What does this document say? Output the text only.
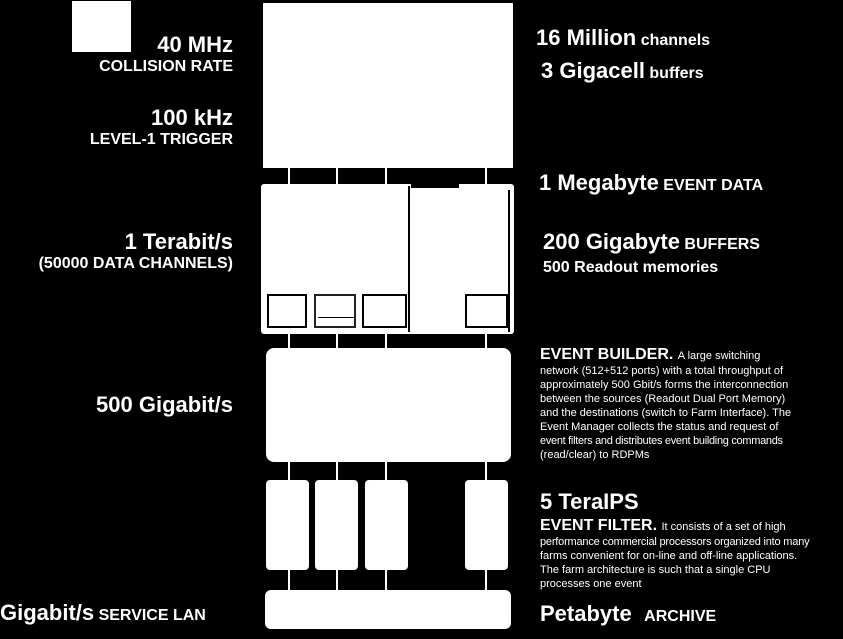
40 MHz
COLLISION RATE
100 kHz
LEVEL-1 TRIGGER
1 Terabit/s
(50000 DATA CHANNELS)
500 Gigabit/s
Gigabit/s SERVICE LAN
16 Million channels
3 Gigacell buffers
1 Megabyte EVENT DATA
200 Gigabyte BUFFERS
500 Readout memories
EVENT BUILDER. A large switching
network (512+512 ports) with a total throughput of
approximately 500 Gbit/s forms the interconnection
between the sources (Readout Dual Port Memory)
and the destinations (switch to Farm Interface). The
Event Manager collects the status and request of
event filters and distributes event building commands
(read/clear) to RDPMs
5 TeraIPS
EVENT FILTER. It consists of a set of high
performance commercial processors organized into many
farms convenient for on-line and off-line applications.
The farm architecture is such that a single CPU
processes one event
Petabyte ARCHIVE
